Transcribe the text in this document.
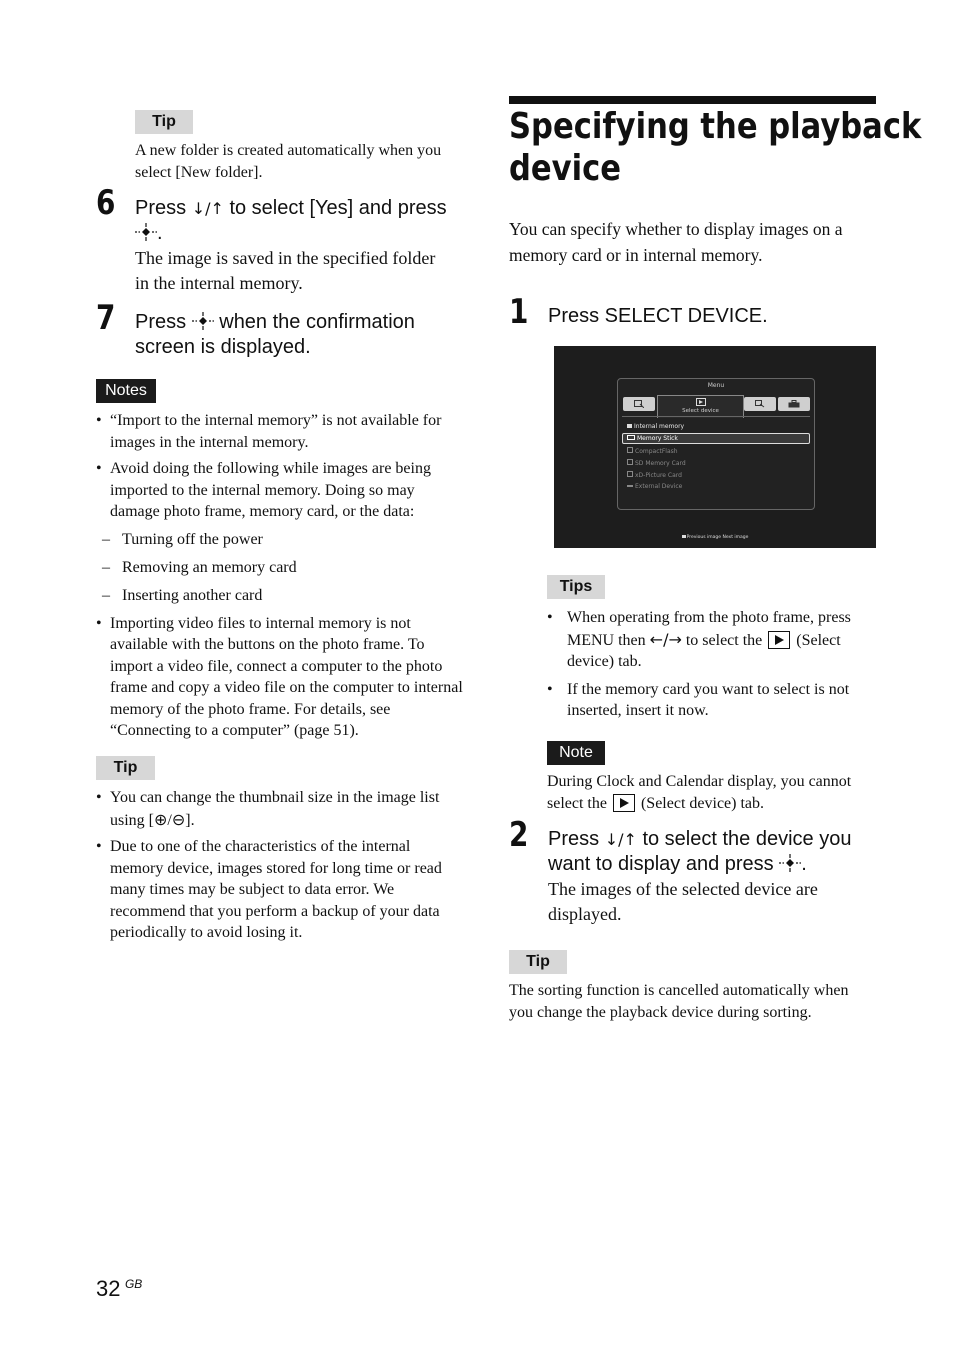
Tip
A new folder is created automatically when you
select [New folder].
6 Press ↓/↑ to select [Yes] and press
.
The image is saved in the specified folder
in the internal memory.
7 Press  when the confirmation
screen is displayed.
Notes
• “Import to the internal memory” is not available for images in the internal memory.
• Avoid doing the following while images are being imported to the internal memory. Doing so may damage photo frame, memory card, or the data:
– Turning off the power
– Removing an memory card
– Inserting another card
• Importing video files to internal memory is not available with the buttons on the photo frame. To import a video file, connect a computer to the photo frame and copy a video file on the computer to internal memory of the photo frame. For details, see “Connecting to a computer” (page 51).
Tip
• You can change the thumbnail size in the image list using [⊕/⊖].
• Due to one of the characteristics of the internal memory device, images stored for long time or read many times may be subject to data error. We recommend that you perform a backup of your data periodically to avoid losing it.
Specifying the playback
device
You can specify whether to display images on a
memory card or in internal memory.
1 Press SELECT DEVICE.
Menu
Select device
Internal memory
Memory Stick
CompactFlash
SD Memory Card
xD-Picture Card
External Device
Previous image Next image
Tips
• When operating from the photo frame, press MENU then ←/→ to select the  (Select device) tab.
• If the memory card you want to select is not inserted, insert it now.
Note
During Clock and Calendar display, you cannot
select the  (Select device) tab.
2 Press ↓/↑ to select the device you
want to display and press .
The images of the selected device are
displayed.
Tip
The sorting function is cancelled automatically when
you change the playback device during sorting.
32 $^{GB}$
